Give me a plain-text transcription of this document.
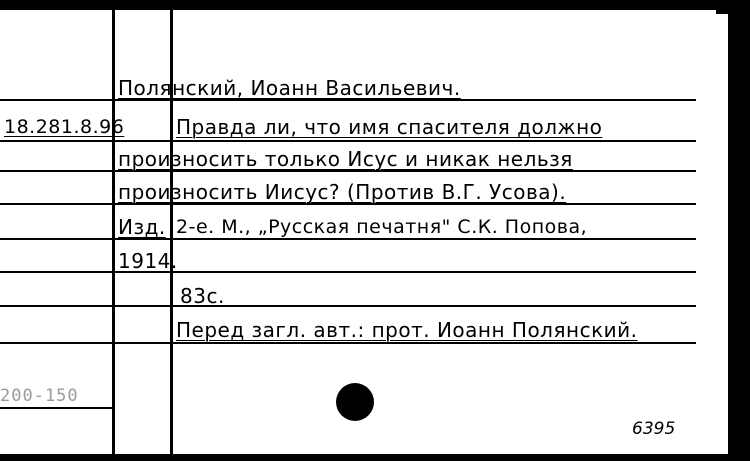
Полянский, Иоанн Васильевич.
18.281.8.96	Правда ли, что имя спасителя должно
произносить только Исус и никак нельзя
произносить Иисус? (Против В.Г. Усова).
Изд. 2-е. М., „Русская печатня" С.К. Попова,
1914.
83с.
Перед загл. авт.: прот. Иоанн Полянский.
200-150
6395
